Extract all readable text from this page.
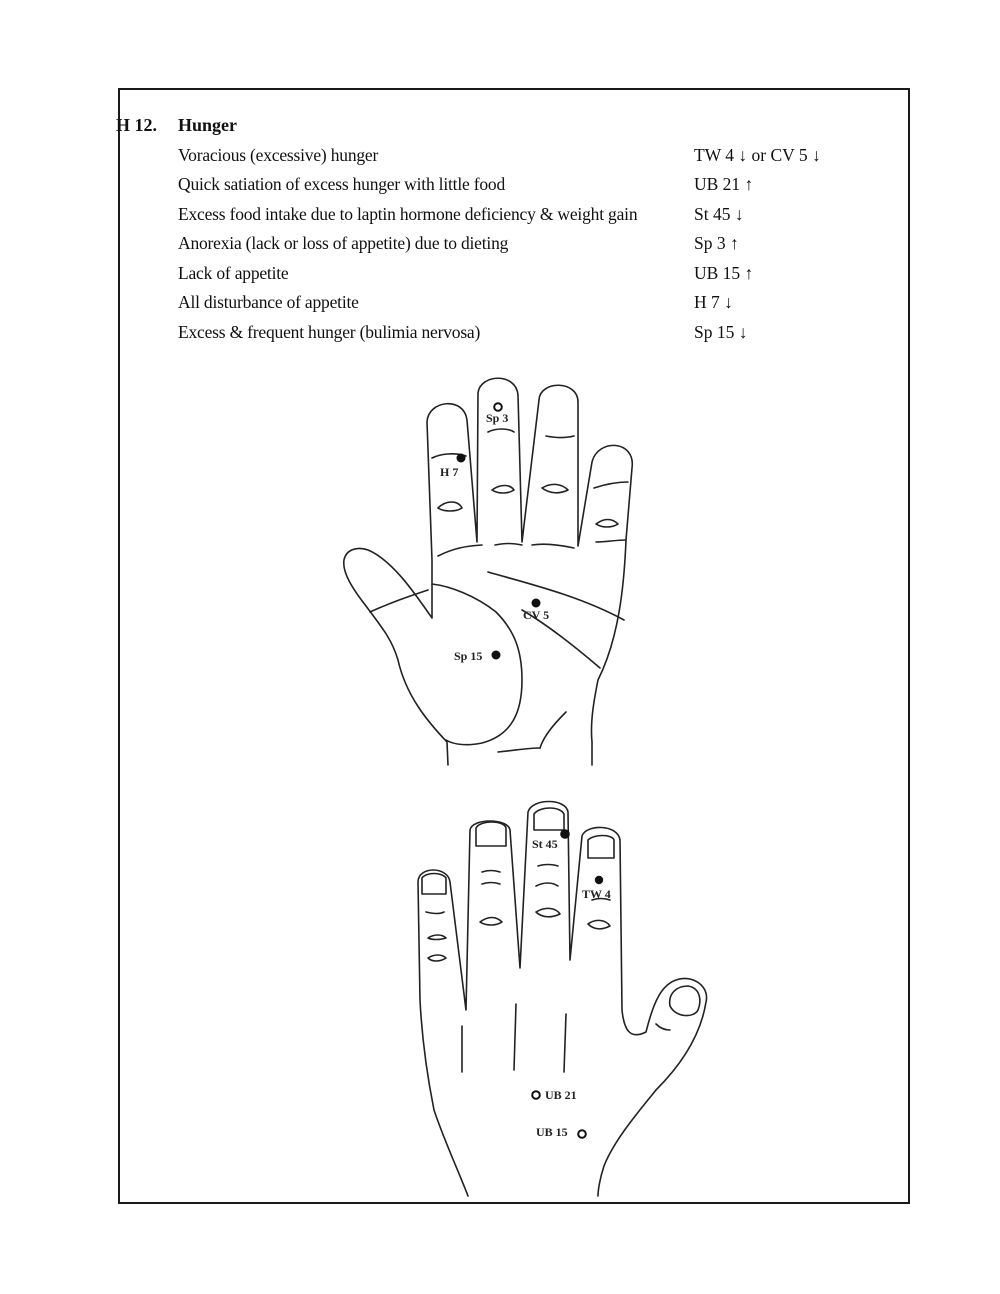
H 12. Hunger
Voracious (excessive) hunger	TW 4 ↓ or CV 5 ↓
Quick satiation of excess hunger with little food	UB 21 ↑
Excess food intake due to laptin hormone deficiency & weight gain	St 45 ↓
Anorexia (lack or loss of appetite) due to dieting	Sp 3 ↑
Lack of appetite	UB 15 ↑
All disturbance of appetite	H 7 ↓
Excess & frequent hunger (bulimia nervosa)	Sp 15 ↓
Sp 3
H 7
CV 5
Sp 15
St 45
TW 4
UB 21
UB 15
